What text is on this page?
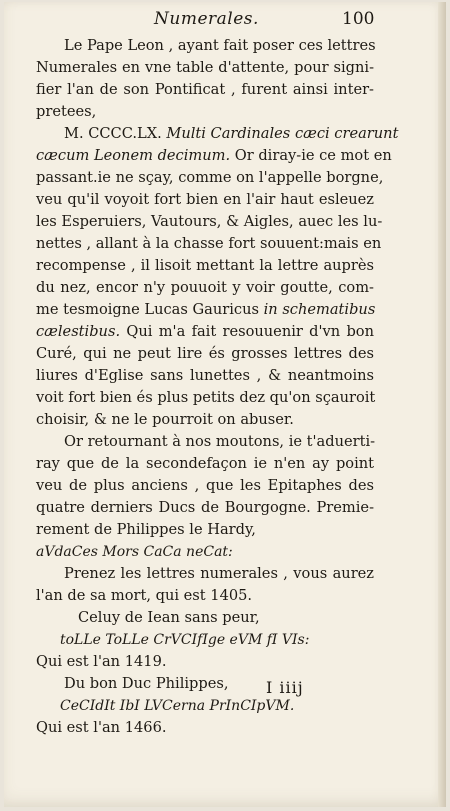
Numerales.	100
Le Pape Leon , ayant fait poser ces lettres
Numerales en vne table d'attente, pour signi-
fier l'an de son Pontificat , furent ainsi inter-
pretees,
M. CCCC.LX. Multi Cardinales cæci crearunt
cæcum Leonem decimum. Or diray-ie ce mot en
passant.ie ne sçay, comme on l'appelle borgne,
veu qu'il voyoit fort bien en l'air haut esleuez
les Esperuiers, Vautours, & Aigles, auec les lu-
nettes , allant à la chasse fort souuent:mais en
recompense , il lisoit mettant la lettre auprès
du nez, encor n'y pouuoit y voir goutte, com-
me tesmoigne Lucas Gauricus in schematibus
cælestibus. Qui m'a fait resouuenir d'vn bon
Curé, qui ne peut lire és grosses lettres des
liures d'Eglise sans lunettes , & neantmoins
voit fort bien és plus petits dez qu'on sçauroit
choisir, & ne le pourroit on abuser.
Or retournant à nos moutons, ie t'aduerti-
ray que de la secondefaçon ie n'en ay point
veu de plus anciens , que les Epitaphes des
quatre derniers Ducs de Bourgogne. Premie-
rement de Philippes le Hardy,
aVdaCes Mors CaCa neCat:
Prenez les lettres numerales , vous aurez
l'an de sa mort, qui est 1405.
Celuy de Iean sans peur,
toLLe ToLLe CrVCIfIge eVM fI VIs:
Qui est l'an 1419.
Du bon Duc Philippes,
CeCIdIt IbI LVCerna PrInCIpVM.
Qui est l'an 1466.
I iiij
